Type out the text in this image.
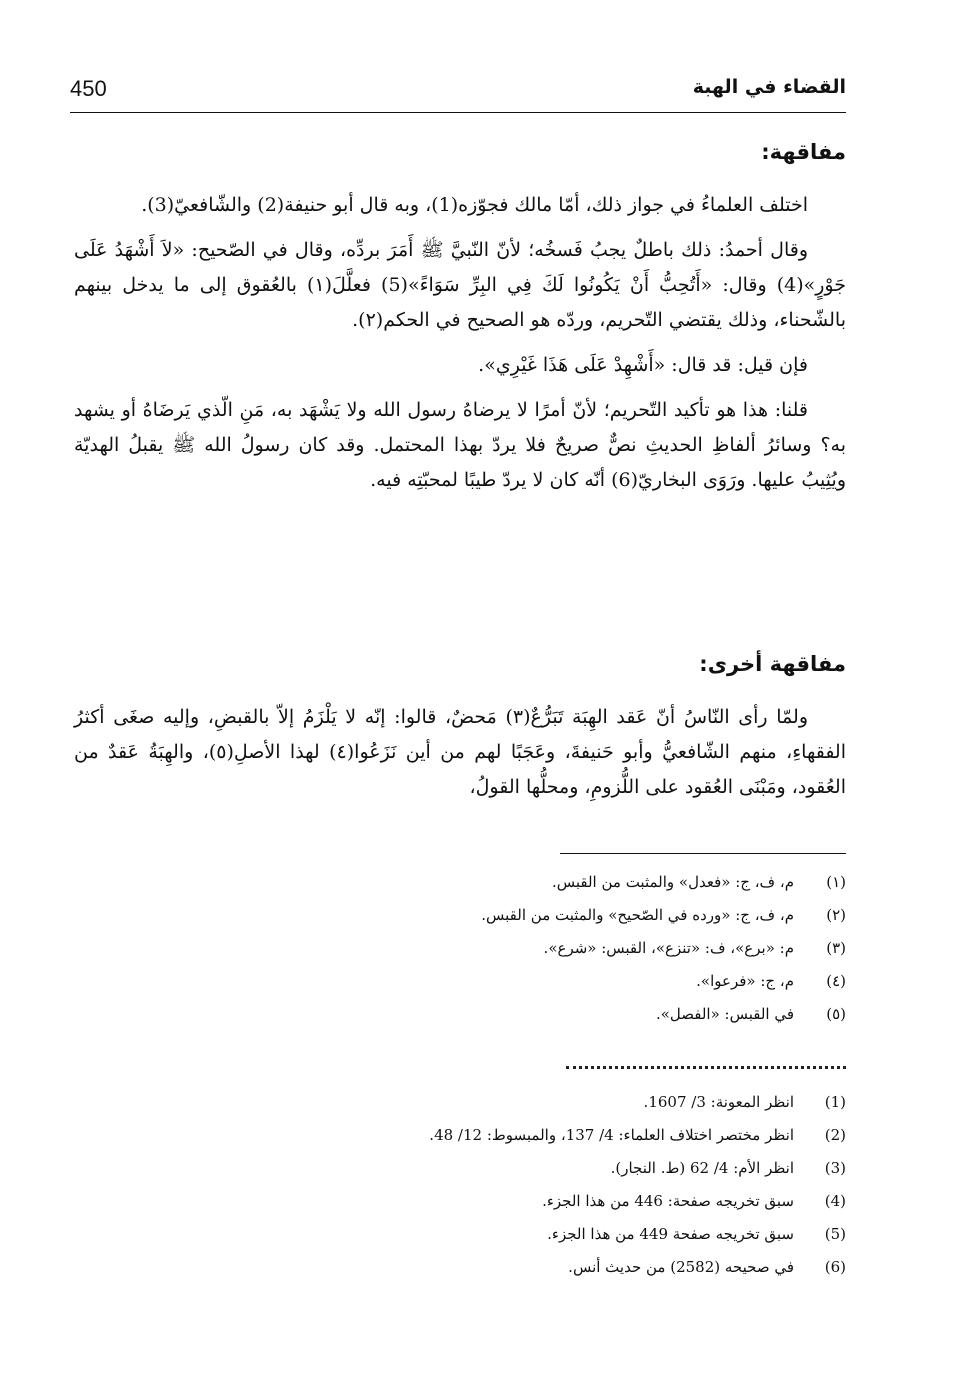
450	القضاء في الهبة
مفاقهة:

اختلف العلماءُ في جواز ذلك، أمّا مالك فجوّزه(1)، وبه قال أبو حنيفة(2) والشّافعيّ(3).

وقال أحمدُ: ذلك باطلٌ يجبُ فَسخُه؛ لأنّ النّبيَّ ﷺ أَمَرَ بردِّه، وقال في الصّحيح: «لاَ أَشْهَدُ عَلَى جَوْرٍ»(4) وقال: «أَتُحِبُّ أَنْ يَكُونُوا لَكَ فِي البِرِّ سَوَاءً»(5) فعلَّلَ(١) بالعُقوق إلى ما يدخل بينهم بالشّحناء، وذلك يقتضي التّحريم، وردّه هو الصحيح في الحكم(٢).

فإن قيل: قد قال: «أَشْهِدْ عَلَى هَذَا غَيْرِي».

قلنا: هذا هو تأكيد التّحريم؛ لأنّ أمرًا لا يرضاهُ رسول الله ولا يَشْهَد به، مَنِ الّذي يَرضَاهُ أو يشهد به؟ وسائرُ ألفاظِ الحديثِ نصٌّ صريحٌ فلا يردّ بهذا المحتمل. وقد كان رسولُ الله ﷺ يقبلُ الهديّة ويُثِيبُ عليها. ورَوَى البخاريّ(6) أنّه كان لا يردّ طيبًا لمحبّتِه فيه.

مفاقهة أخرى:

ولمّا رأى النّاسُ أنّ عَقد الهِبَة تَبَرُّعٌ(٣) مَحضٌ، قالوا: إنّه لا يَلْزَمُ إلاّ بالقبضِ، وإليه صغَى أكثرُ الفقهاءِ، منهم الشّافعيُّ وأبو حَنيفةَ، وعَجَبًا لهم من أين نَزَعُوا(٤) لهذا الأصلِ(٥)، والهِبَةُ عَقدٌ من العُقود، ومَبْنَى العُقود على اللُّزومِ، ومحلُّها القولُ،

(١)م، ف، ج: «فعدل» والمثبت من القبس.
(٢)م، ف، ج: «ورده في الصّحيح» والمثبت من القبس.
(٣)م: «برع»، ف: «تنزع»، القبس: «شرع».
(٤)م، ج: «فرعوا».
(٥)في القبس: «الفصل».
(1)انظر المعونة: 3/ 1607.
(2)انظر مختصر اختلاف العلماء: 4/ 137، والمبسوط: 12/ 48.
(3)انظر الأم: 4/ 62 (ط. النجار).
(4)سبق تخريجه صفحة: 446 من هذا الجزء.
(5)سبق تخريجه صفحة 449 من هذا الجزء.
(6)في صحيحه (2582) من حديث أنس.
